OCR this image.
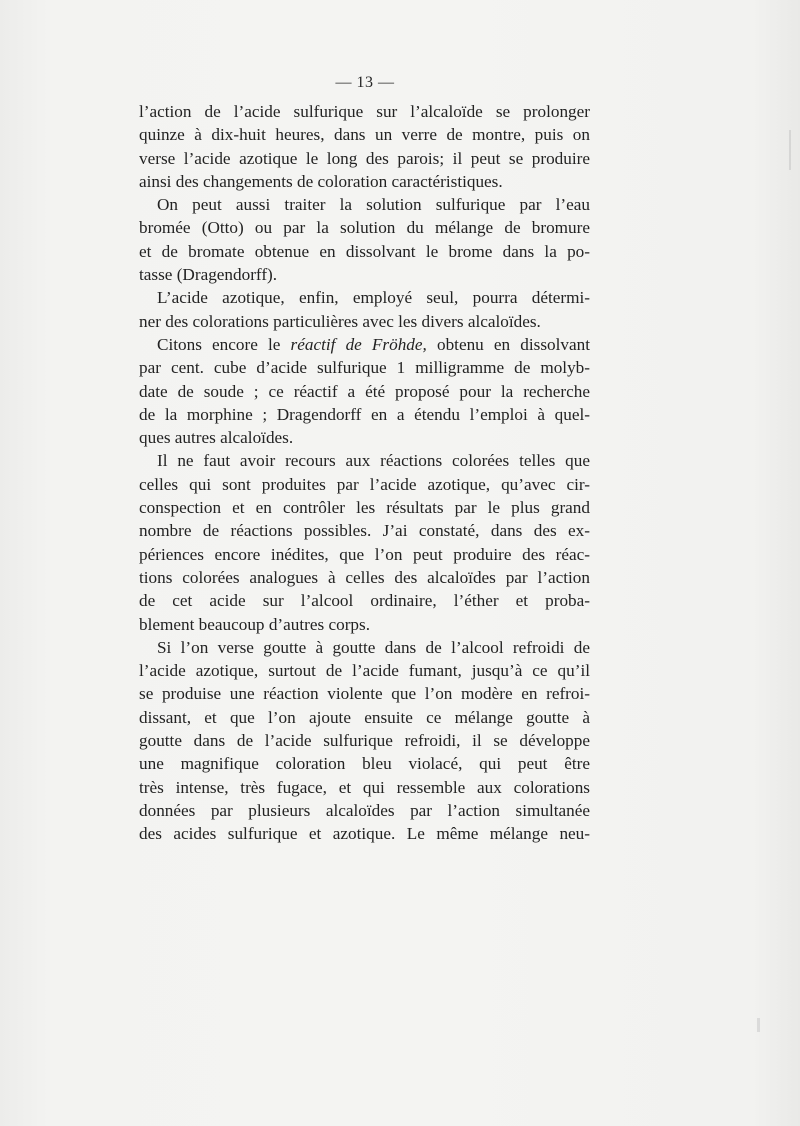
— 13 —
l’action de l’acide sulfurique sur l’alcaloïde se prolonger
quinze à dix-huit heures, dans un verre de montre, puis on
verse l’acide azotique le long des parois; il peut se produire
ainsi des changements de coloration caractéristiques.
On peut aussi traiter la solution sulfurique par l’eau
bromée (Otto) ou par la solution du mélange de bromure
et de bromate obtenue en dissolvant le brome dans la po-
tasse (Dragendorff).
L’acide azotique, enfin, employé seul, pourra détermi-
ner des colorations particulières avec les divers alcaloïdes.
Citons encore le réactif de Fröhde, obtenu en dissolvant
par cent. cube d’acide sulfurique 1 milligramme de molyb-
date de soude ; ce réactif a été proposé pour la recherche
de la morphine ; Dragendorff en a étendu l’emploi à quel-
ques autres alcaloïdes.
Il ne faut avoir recours aux réactions colorées telles que
celles qui sont produites par l’acide azotique, qu’avec cir-
conspection et en contrôler les résultats par le plus grand
nombre de réactions possibles. J’ai constaté, dans des ex-
périences encore inédites, que l’on peut produire des réac-
tions colorées analogues à celles des alcaloïdes par l’action
de cet acide sur l’alcool ordinaire, l’éther et proba-
blement beaucoup d’autres corps.
Si l’on verse goutte à goutte dans de l’alcool refroidi de
l’acide azotique, surtout de l’acide fumant, jusqu’à ce qu’il
se produise une réaction violente que l’on modère en refroi-
dissant, et que l’on ajoute ensuite ce mélange goutte à
goutte dans de l’acide sulfurique refroidi, il se développe
une magnifique coloration bleu violacé, qui peut être
très intense, très fugace, et qui ressemble aux colorations
données par plusieurs alcaloïdes par l’action simultanée
des acides sulfurique et azotique. Le même mélange neu-
